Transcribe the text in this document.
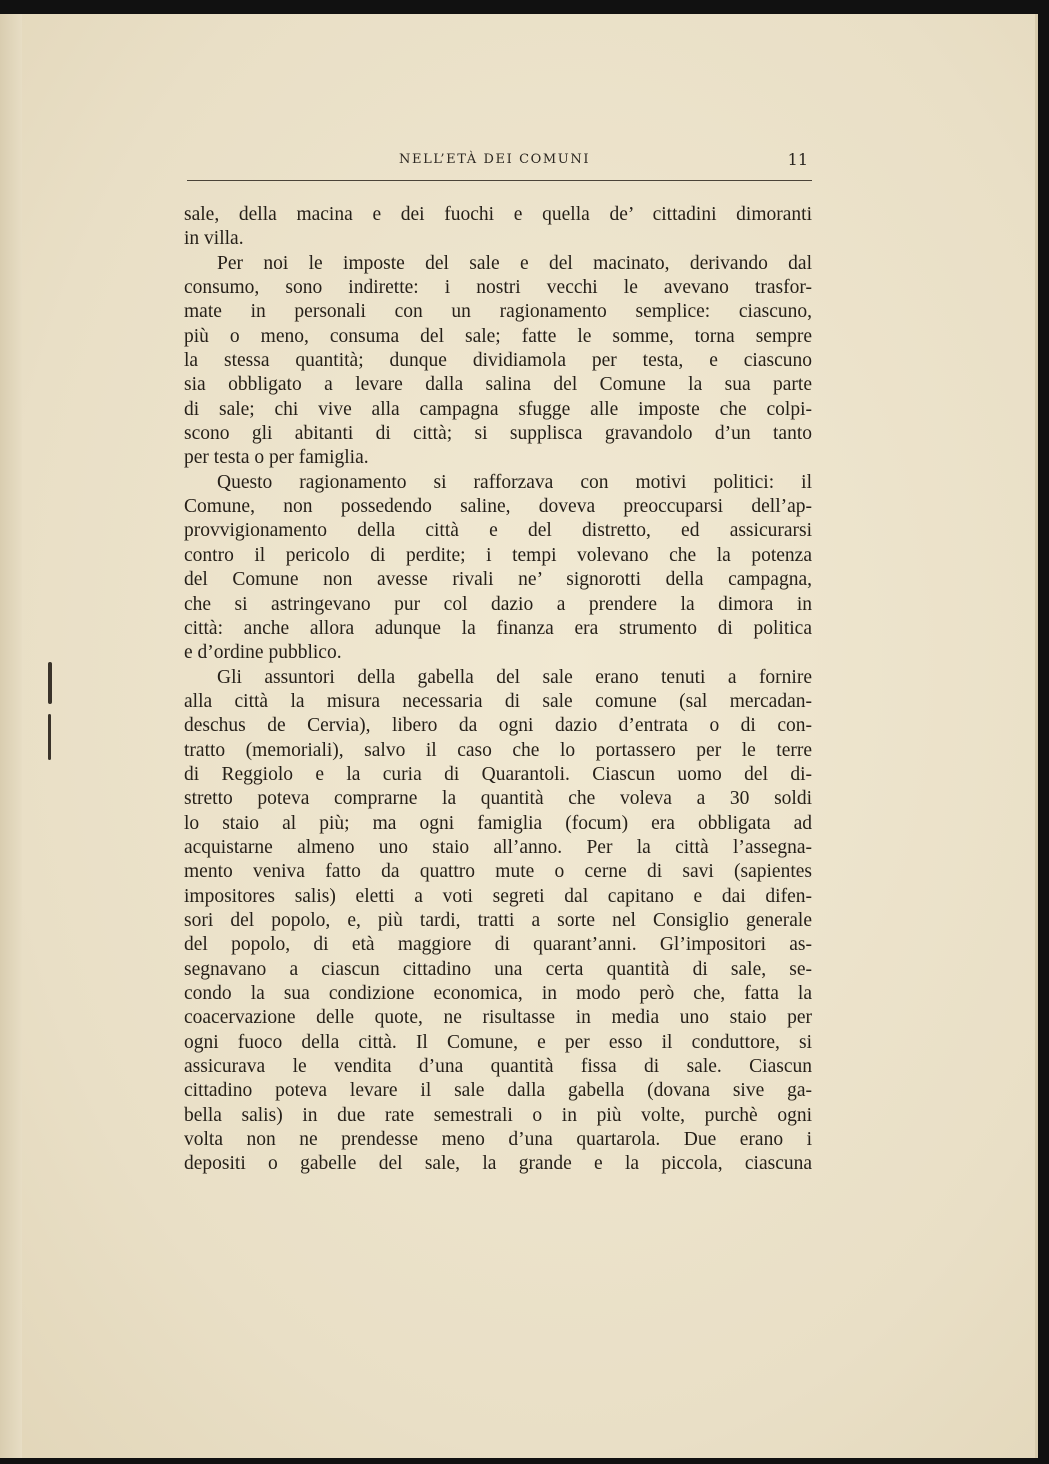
NELL’ETÀ DEI COMUNI	11
sale, della macina e dei fuochi e quella de’ cittadini dimoranti
in villa.
Per noi le imposte del sale e del macinato, derivando dal
consumo, sono indirette: i nostri vecchi le avevano trasfor-
mate in personali con un ragionamento semplice: ciascuno,
più o meno, consuma del sale; fatte le somme, torna sempre
la stessa quantità; dunque dividiamola per testa, e ciascuno
sia obbligato a levare dalla salina del Comune la sua parte
di sale; chi vive alla campagna sfugge alle imposte che colpi-
scono gli abitanti di città; si supplisca gravandolo d’un tanto
per testa o per famiglia.
Questo ragionamento si rafforzava con motivi politici: il
Comune, non possedendo saline, doveva preoccuparsi dell’ap-
provvigionamento della città e del distretto, ed assicurarsi
contro il pericolo di perdite; i tempi volevano che la potenza
del Comune non avesse rivali ne’ signorotti della campagna,
che si astringevano pur col dazio a prendere la dimora in
città: anche allora adunque la finanza era strumento di politica
e d’ordine pubblico.
Gli assuntori della gabella del sale erano tenuti a fornire
alla città la misura necessaria di sale comune (sal mercadan-
deschus de Cervia), libero da ogni dazio d’entrata o di con-
tratto (memoriali), salvo il caso che lo portassero per le terre
di Reggiolo e la curia di Quarantoli. Ciascun uomo del di-
stretto poteva comprarne la quantità che voleva a 30 soldi
lo staio al più; ma ogni famiglia (focum) era obbligata ad
acquistarne almeno uno staio all’anno. Per la città l’assegna-
mento veniva fatto da quattro mute o cerne di savi (sapientes
impositores salis) eletti a voti segreti dal capitano e dai difen-
sori del popolo, e, più tardi, tratti a sorte nel Consiglio generale
del popolo, di età maggiore di quarant’anni. Gl’impositori as-
segnavano a ciascun cittadino una certa quantità di sale, se-
condo la sua condizione economica, in modo però che, fatta la
coacervazione delle quote, ne risultasse in media uno staio per
ogni fuoco della città. Il Comune, e per esso il conduttore, si
assicurava le vendita d’una quantità fissa di sale. Ciascun
cittadino poteva levare il sale dalla gabella (dovana sive ga-
bella salis) in due rate semestrali o in più volte, purchè ogni
volta non ne prendesse meno d’una quartarola. Due erano i
depositi o gabelle del sale, la grande e la piccola, ciascuna
